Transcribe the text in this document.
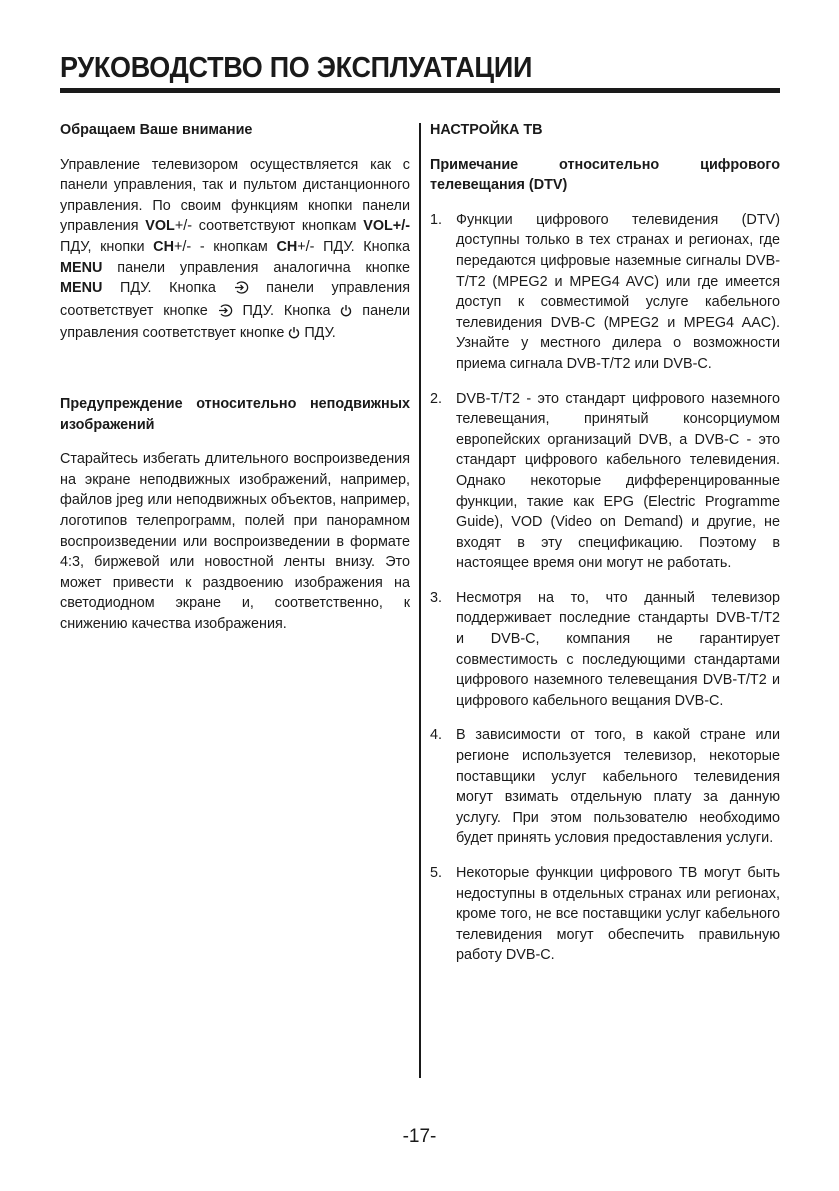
РУКОВОДСТВО ПО ЭКСПЛУАТАЦИИ
Обращаем Ваше внимание

Управление телевизором осуществляется как с панели управления, так и пультом дистанционного управления. По своим функциям кнопки панели управления VOL+/- соответствуют кнопкам VOL+/- ПДУ, кнопки CH+/- - кнопкам CH+/- ПДУ. Кнопка MENU панели управления аналогична кнопке MENU ПДУ. Кнопка  панели управления соответствует кнопке  ПДУ. Кнопка  панели управления соответствует кнопке  ПДУ.

Предупреждение относительно неподвижных изображений

Старайтесь избегать длительного воспроизведения на экране неподвижных изображений, например, файлов jpeg или неподвижных объектов, например, логотипов телепрограмм, полей при панорамном воспроизведении или воспроизведении в формате 4:3, биржевой или новостной ленты внизу. Это может привести к раздвоению изображения на светодиодном экране и, соответственно, к снижению качества изображения.

НАСТРОЙКА ТВ
Примечание относительно цифрового телевещания (DTV)
1. Функции цифрового телевидения (DTV) доступны только в тех странах и регионах, где передаются цифровые наземные сигналы DVB-T/T2 (MPEG2 и MPEG4 AVC) или где имеется доступ к совместимой услуге кабельного телевидения DVB-C (MPEG2 и MPEG4 AAC). Узнайте у местного дилера о возможности приема сигнала DVB-T/T2 или DVB-C.
2. DVB-T/T2 - это стандарт цифрового наземного телевещания, принятый консорциумом европейских организаций DVB, а DVB-C - это стандарт цифрового кабельного телевидения. Однако некоторые дифференцированные функции, такие как EPG (Electric Programme Guide), VOD (Video on Demand) и другие, не входят в эту спецификацию. Поэтому в настоящее время они могут не работать.
3. Несмотря на то, что данный телевизор поддерживает последние стандарты DVB-T/T2 и DVB-C, компания не гарантирует совместимость с последующими стандартами цифрового наземного телевещания DVB-T/T2 и цифрового кабельного вещания DVB-C.
4. В зависимости от того, в какой стране или регионе используется телевизор, некоторые поставщики услуг кабельного телевидения могут взимать отдельную плату за данную услугу. При этом пользователю необходимо будет принять условия предоставления услуги.
5. Некоторые функции цифрового ТВ могут быть недоступны в отдельных странах или регионах, кроме того, не все поставщики услуг кабельного телевидения могут обеспечить правильную работу DVB-C.
-17-
